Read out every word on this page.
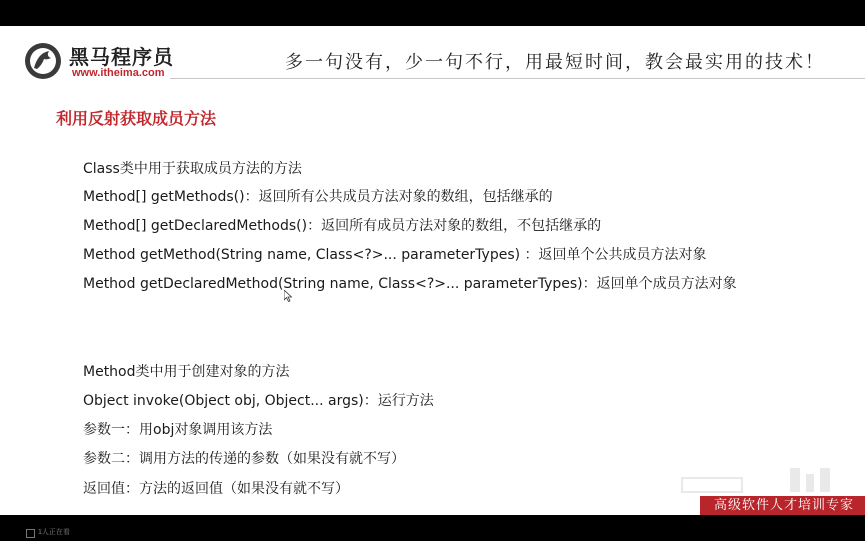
黑马程序员
www.itheima.com	多一句没有，少一句不行，用最短时间，教会最实用的技术！
利用反射获取成员方法
Class类中用于获取成员方法的方法
Method[] getMethods()：返回所有公共成员方法对象的数组，包括继承的
Method[] getDeclaredMethods()：返回所有成员方法对象的数组，不包括继承的
Method getMethod(String name, Class<?>... parameterTypes) ：返回单个公共成员方法对象
Method getDeclaredMethod(String name, Class<?>... parameterTypes)：返回单个成员方法对象
Method类中用于创建对象的方法
Object invoke(Object obj, Object... args)：运行方法
参数一：用obj对象调用该方法
参数二：调用方法的传递的参数（如果没有就不写）
返回值：方法的返回值（如果没有就不写）
高级软件人才培训专家
1人正在看
